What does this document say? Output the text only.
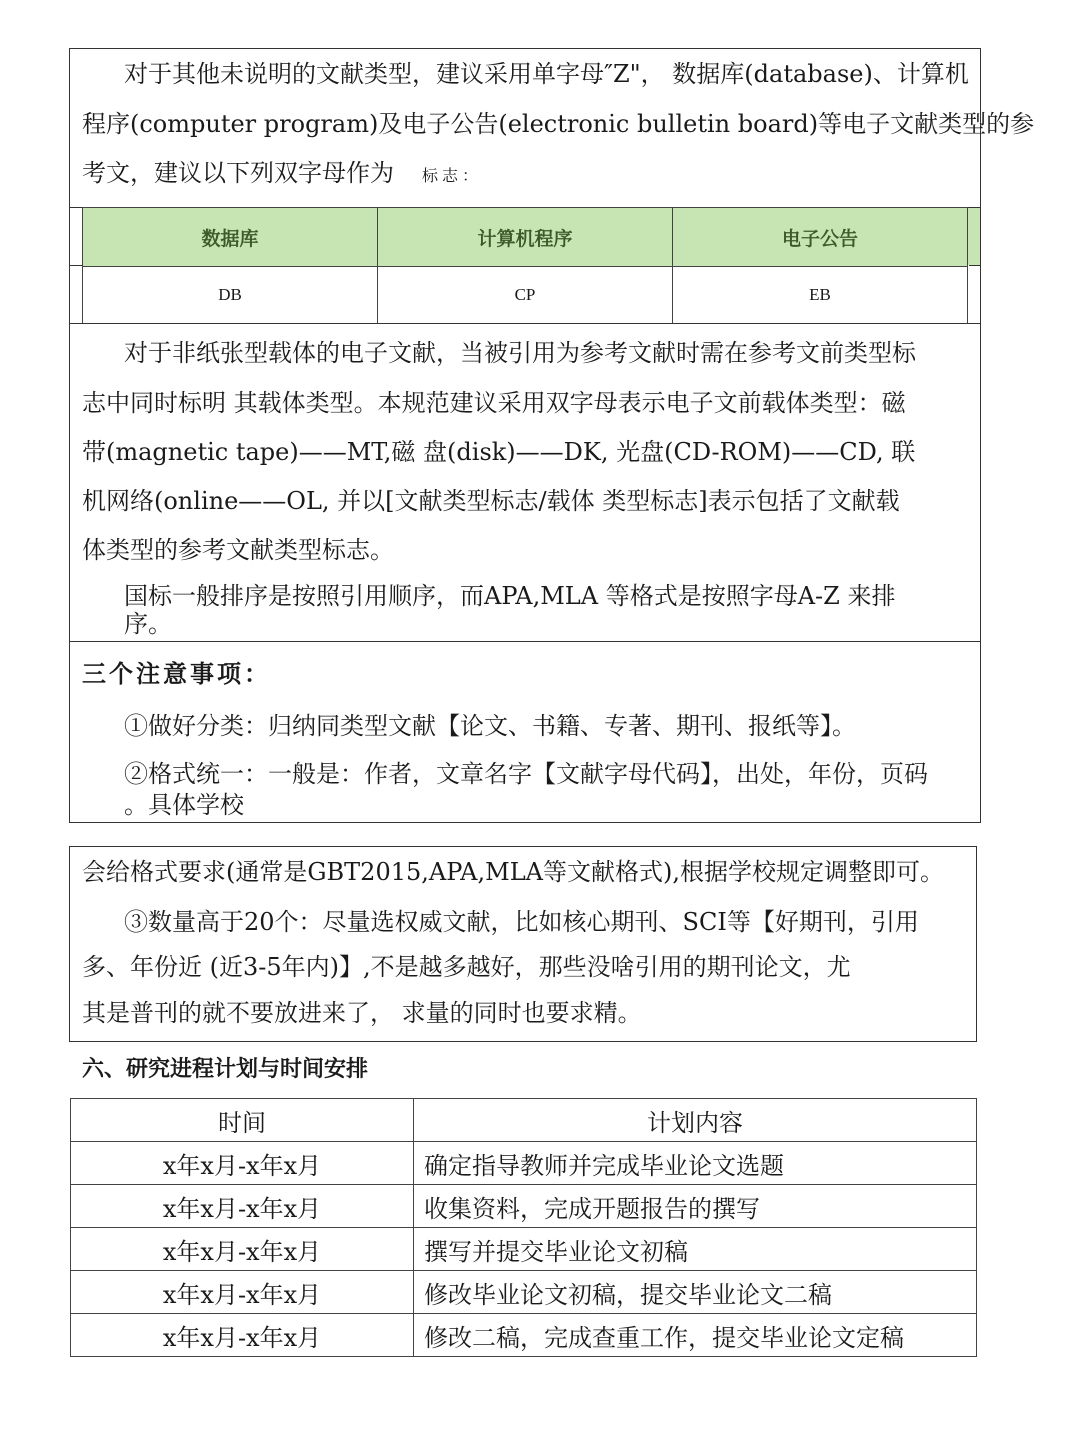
对于其他未说明的文献类型，建议采用单字母″Z"， 数据库(database)、计算机
程序(computer program)及电子公告(electronic bulletin board)等电子文献类型的参
考文，建议以下列双字母作为 标志：
数据库	计算机程序	电子公告
DB	CP	EB
对于非纸张型载体的电子文献，当被引用为参考文献时需在参考文前类型标
志中同时标明 其载体类型。本规范建议采用双字母表示电子文前载体类型：磁
带(magnetic tape)——MT,磁 盘(disk)——DK, 光盘(CD-ROM)——CD, 联
机网络(online——OL, 并以[文献类型标志/载体 类型标志]表示包括了文献载
体类型的参考文献类型标志。
国标一般排序是按照引用顺序，而APA,MLA 等格式是按照字母A-Z 来排
序。
三个注意事项：
①做好分类：归纳同类型文献【论文、书籍、专著、期刊、报纸等】。
②格式统一：一般是：作者，文章名字【文献字母代码】，出处，年份，页码
。具体学校
会给格式要求(通常是GBT2015,APA,MLA等文献格式),根据学校规定调整即可。
③数量高于20个：尽量选权威文献，比如核心期刊、SCI等【好期刊，引用
多、年份近 (近3-5年内)】,不是越多越好，那些没啥引用的期刊论文，尤
其是普刊的就不要放进来了， 求量的同时也要求精。
六、研究进程计划与时间安排
时间	计划内容
x年x月-x年x月	确定指导教师并完成毕业论文选题
x年x月-x年x月	收集资料，完成开题报告的撰写
x年x月-x年x月	撰写并提交毕业论文初稿
x年x月-x年x月	修改毕业论文初稿，提交毕业论文二稿
x年x月-x年x月	修改二稿，完成查重工作，提交毕业论文定稿
